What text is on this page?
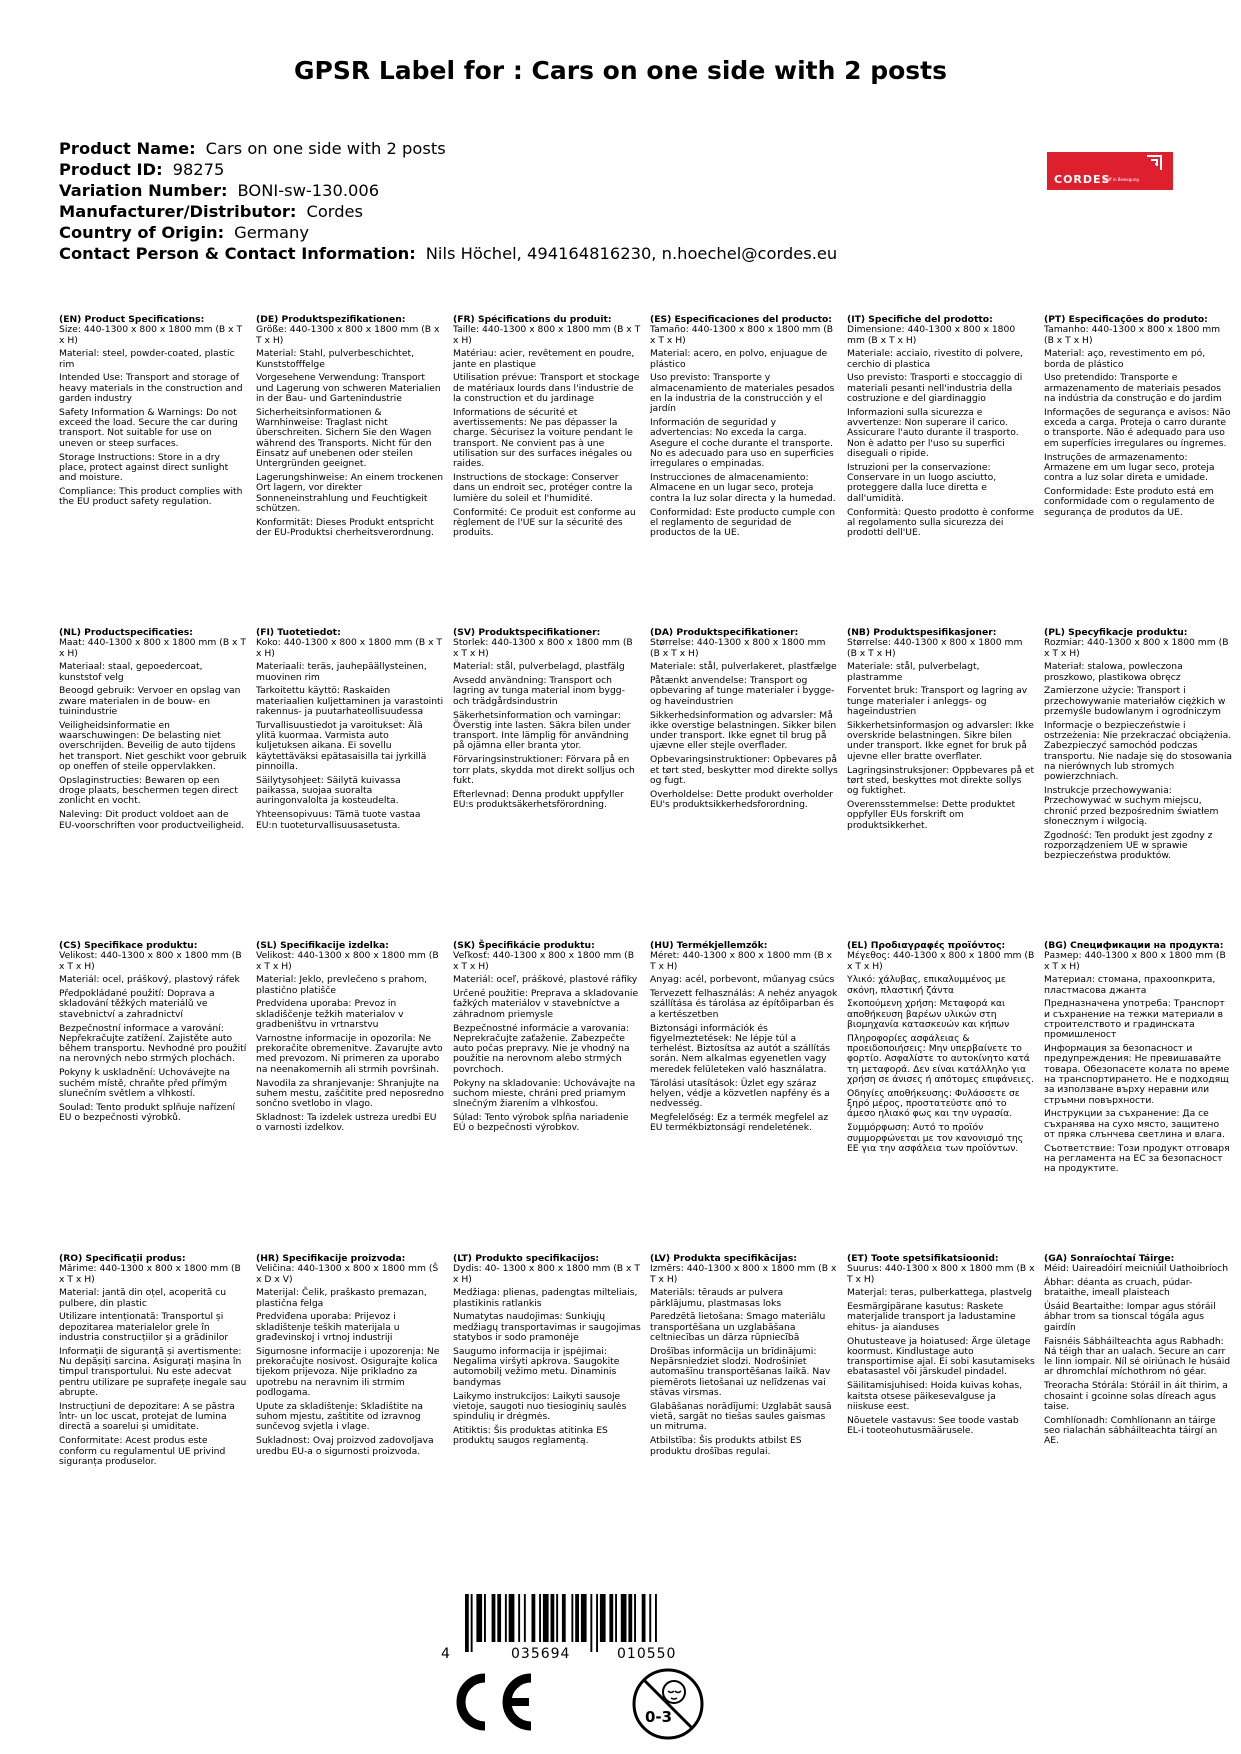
GPSR Label for : Cars on one side with 2 posts
Product Name: Cars on one side with 2 posts
Product ID: 98275
Variation Number: BONI-sw-130.006
Manufacturer/Distributor: Cordes
Country of Origin: Germany
Contact Person & Contact Information: Nils Höchel, 494164816230, n.hoechel@cordes.eu
CORDES
Griff in Bewegung
(EN) Product Specifications:

Size: 440-1300 x 800 x 1800 mm (B x T x H)

Material: steel, powder-coated, plastic rim

Intended Use: Transport and storage of heavy materials in the construction and garden industry

Safety Information & Warnings: Do not exceed the load. Secure the car during transport. Not suitable for use on uneven or steep surfaces.

Storage Instructions: Store in a dry place, protect against direct sunlight and moisture.

Compliance: This product complies with the EU product safety regulation.

(DE) Produktspezifikationen:

Größe: 440-1300 x 800 x 1800 mm (B x T x H)

Material: Stahl, pulverbeschichtet, Kunststofffelge

Vorgesehene Verwendung: Transport und Lagerung von schweren Materialien in der Bau- und Gartenindustrie

Sicherheitsinformationen & Warnhinweise: Traglast nicht überschreiten. Sichern Sie den Wagen während des Transports. Nicht für den Einsatz auf unebenen oder steilen Untergründen geeignet.

Lagerungshinweise: An einem trockenen Ort lagern, vor direkter Sonneneinstrahlung und Feuchtigkeit schützen.

Konformität: Dieses Produkt entspricht der EU-Produktsi cherheitsverordnung.

(FR) Spécifications du produit:

Taille: 440-1300 x 800 x 1800 mm (B x T x H)

Matériau: acier, revêtement en poudre, jante en plastique

Utilisation prévue: Transport et stockage de matériaux lourds dans l'industrie de la construction et du jardinage

Informations de sécurité et avertissements: Ne pas dépasser la charge. Sécurisez la voiture pendant le transport. Ne convient pas à une utilisation sur des surfaces inégales ou raides.

Instructions de stockage: Conserver dans un endroit sec, protéger contre la lumière du soleil et l'humidité.

Conformité: Ce produit est conforme au règlement de l'UE sur la sécurité des produits.

(ES) Especificaciones del producto:

Tamaño: 440-1300 x 800 x 1800 mm (B x T x H)

Material: acero, en polvo, enjuague de plástico

Uso previsto: Transporte y almacenamiento de materiales pesados en la industria de la construcción y el jardín

Información de seguridad y advertencias: No exceda la carga. Asegure el coche durante el transporte. No es adecuado para uso en superficies irregulares o empinadas.

Instrucciones de almacenamiento: Almacene en un lugar seco, proteja contra la luz solar directa y la humedad.

Conformidad: Este producto cumple con el reglamento de seguridad de productos de la UE.

(IT) Specifiche del prodotto:

Dimensione: 440-1300 x 800 x 1800 mm (B x T x H)

Materiale: acciaio, rivestito di polvere, cerchio di plastica

Uso previsto: Trasporti e stoccaggio di materiali pesanti nell'industria della costruzione e del giardinaggio

Informazioni sulla sicurezza e avvertenze: Non superare il carico. Assicurare l'auto durante il trasporto. Non è adatto per l'uso su superfici diseguali o ripide.

Istruzioni per la conservazione: Conservare in un luogo asciutto, proteggere dalla luce diretta e dall'umidità.

Conformità: Questo prodotto è conforme al regolamento sulla sicurezza dei prodotti dell'UE.

(PT) Especificações do produto:

Tamanho: 440-1300 x 800 x 1800 mm (B x T x H)

Material: aço, revestimento em pó, borda de plástico

Uso pretendido: Transporte e armazenamento de materiais pesados na indústria da construção e do jardim

Informações de segurança e avisos: Não exceda a carga. Proteja o carro durante o transporte. Não é adequado para uso em superfícies irregulares ou íngremes.

Instruções de armazenamento: Armazene em um lugar seco, proteja contra a luz solar direta e umidade.

Conformidade: Este produto está em conformidade com o regulamento de segurança de produtos da UE.

(NL) Productspecificaties:

Maat: 440-1300 x 800 x 1800 mm (B x T x H)

Materiaal: staal, gepoedercoat, kunststof velg

Beoogd gebruik: Vervoer en opslag van zware materialen in de bouw- en tuinindustrie

Veiligheidsinformatie en waarschuwingen: De belasting niet overschrijden. Beveilig de auto tijdens het transport. Niet geschikt voor gebruik op oneffen of steile oppervlakken.

Opslaginstructies: Bewaren op een droge plaats, beschermen tegen direct zonlicht en vocht.

Naleving: Dit product voldoet aan de EU-voorschriften voor productveiligheid.

(FI) Tuotetiedot:

Koko: 440-1300 x 800 x 1800 mm (B x T x H)

Materiaali: teräs, jauhepäällysteinen, muovinen rim

Tarkoitettu käyttö: Raskaiden materiaalien kuljettaminen ja varastointi rakennus- ja puutarhateollisuudessa

Turvallisuustiedot ja varoitukset: Älä ylitä kuormaa. Varmista auto kuljetuksen aikana. Ei sovellu käytettäväksi epätasaisilla tai jyrkillä pinnoilla.

Säilytysohjeet: Säilytä kuivassa paikassa, suojaa suoralta auringonvalolta ja kosteudelta.

Yhteensopivuus: Tämä tuote vastaa EU:n tuoteturvallisuusasetusta.

(SV) Produktspecifikationer:

Storlek: 440-1300 x 800 x 1800 mm (B x T x H)

Material: stål, pulverbelagd, plastfälg

Avsedd användning: Transport och lagring av tunga material inom bygg- och trädgårdsindustrin

Säkerhetsinformation och varningar: Överstig inte lasten. Säkra bilen under transport. Inte lämplig för användning på ojämna eller branta ytor.

Förvaringsinstruktioner: Förvara på en torr plats, skydda mot direkt solljus och fukt.

Efterlevnad: Denna produkt uppfyller EU:s produktsäkerhetsförordning.

(DA) Produktspecifikationer:

Størrelse: 440-1300 x 800 x 1800 mm (B x T x H)

Materiale: stål, pulverlakeret, plastfælge

Påtænkt anvendelse: Transport og opbevaring af tunge materialer i bygge- og haveindustrien

Sikkerhedsinformation og advarsler: Må ikke overstige belastningen. Sikker bilen under transport. Ikke egnet til brug på ujævne eller stejle overflader.

Opbevaringsinstruktioner: Opbevares på et tørt sted, beskytter mod direkte sollys og fugt.

Overholdelse: Dette produkt overholder EU's produktsikkerhedsforordning.

(NB) Produktspesifikasjoner:

Størrelse: 440-1300 x 800 x 1800 mm (B x T x H)

Materiale: stål, pulverbelagt, plastramme

Forventet bruk: Transport og lagring av tunge materialer i anleggs- og hageindustrien

Sikkerhetsinformasjon og advarsler: Ikke overskride belastningen. Sikre bilen under transport. Ikke egnet for bruk på ujevne eller bratte overflater.

Lagringsinstruksjoner: Oppbevares på et tørt sted, beskyttes mot direkte sollys og fuktighet.

Overensstemmelse: Dette produktet oppfyller EUs forskrift om produktsikkerhet.

(PL) Specyfikacje produktu:

Rozmiar: 440-1300 x 800 x 1800 mm (B x T x H)

Materiał: stalowa, powleczona proszkowo, plastikowa obręcz

Zamierzone użycie: Transport i przechowywanie materiałów ciężkich w przemyśle budowlanym i ogrodniczym

Informacje o bezpieczeństwie i ostrzeżenia: Nie przekraczać obciążenia. Zabezpieczyć samochód podczas transportu. Nie nadaje się do stosowania na nierównych lub stromych powierzchniach.

Instrukcje przechowywania: Przechowywać w suchym miejscu, chronić przed bezpośrednim światłem słonecznym i wilgocią.

Zgodność: Ten produkt jest zgodny z rozporządzeniem UE w sprawie bezpieczeństwa produktów.

(CS) Specifikace produktu:

Velikost: 440-1300 x 800 x 1800 mm (B x T x H)

Materiál: ocel, práškový, plastový ráfek

Předpokládané použití: Doprava a skladování těžkých materiálů ve stavebnictví a zahradnictví

Bezpečnostní informace a varování: Nepřekračujte zatížení. Zajistěte auto během transportu. Nevhodné pro použití na nerovných nebo strmých plochách.

Pokyny k uskladnění: Uchovávejte na suchém místě, chraňte před přímým slunečním světlem a vlhkostí.

Soulad: Tento produkt splňuje nařízení EU o bezpečnosti výrobků.

(SL) Specifikacije izdelka:

Velikost: 440-1300 x 800 x 1800 mm (B x T x H)

Material: Jeklo, prevlečeno s prahom, plastično platišče

Predvidena uporaba: Prevoz in skladiščenje težkih materialov v gradbeništvu in vrtnarstvu

Varnostne informacije in opozorila: Ne prekoračite obremenitve. Zavarujte avto med prevozom. Ni primeren za uporabo na neenakomernih ali strmih površinah.

Navodila za shranjevanje: Shranjujte na suhem mestu, zaščitite pred neposredno sončno svetlobo in vlago.

Skladnost: Ta izdelek ustreza uredbi EU o varnosti izdelkov.

(SK) Špecifikácie produktu:

Veľkosť: 440-1300 x 800 x 1800 mm (B x T x H)

Materiál: oceľ, práškové, plastové ráfiky

Určené použitie: Preprava a skladovanie ťažkých materiálov v stavebníctve a záhradnom priemysle

Bezpečnostné informácie a varovania: Neprekračujte zaťaženie. Zabezpečte auto počas prepravy. Nie je vhodný na použitie na nerovnom alebo strmých povrchoch.

Pokyny na skladovanie: Uchovávajte na suchom mieste, chráni pred priamym slnečným žiarením a vlhkosťou.

Súlad: Tento výrobok spĺňa nariadenie EÚ o bezpečnosti výrobkov.

(HU) Termékjellemzők:

Méret: 440-1300 x 800 x 1800 mm (B x T x H)

Anyag: acél, porbevont, műanyag csúcs

Tervezett felhasználás: A nehéz anyagok szállítása és tárolása az építőiparban és a kertészetben

Biztonsági információk és figyelmeztetések: Ne lépje túl a terhelést. Biztosítsa az autót a szállítás során. Nem alkalmas egyenetlen vagy meredek felületeken való használatra.

Tárolási utasítások: Üzlet egy száraz helyen, védje a közvetlen napfény és a nedvesség.

Megfelelőség: Ez a termék megfelel az EU termékbiztonsági rendeletének.

(EL) Προδιαγραφές προϊόντος:

Μέγεθος: 440-1300 x 800 x 1800 mm (B x T x H)

Υλικό: χάλυβας, επικαλυμμένος με σκόνη, πλαστική ζάντα

Σκοπούμενη χρήση: Μεταφορά και αποθήκευση βαρέων υλικών στη βιομηχανία κατασκευών και κήπων

Πληροφορίες ασφάλειας & προειδοποιήσεις: Μην υπερβαίνετε το φορτίο. Ασφαλίστε το αυτοκίνητο κατά τη μεταφορά. Δεν είναι κατάλληλο για χρήση σε άνισες ή απότομες επιφάνειες.

Οδηγίες αποθήκευσης: Φυλάσσετε σε ξηρό μέρος, προστατεύστε από το άμεσο ηλιακό φως και την υγρασία.

Συμμόρφωση: Αυτό το προϊόν συμμορφώνεται με τον κανονισμό της ΕΕ για την ασφάλεια των προϊόντων.

(BG) Спецификации на продукта:

Размер: 440-1300 x 800 x 1800 mm (B x T x H)

Материал: стомана, прахоопкрита, пластмасова джанта

Предназначена употреба: Транспорт и съхранение на тежки материали в строителството и градинската промишленост

Информация за безопасност и предупреждения: Не превишавайте товара. Обезопасете колата по време на транспортирането. Не е подходящ за използване върху неравни или стръмни повърхности.

Инструкции за съхранение: Да се съхранява на сухо място, защитено от пряка слънчева светлина и влага.

Съответствие: Този продукт отговаря на регламента на ЕС за безопасност на продуктите.

(RO) Specificații produs:

Mărime: 440-1300 x 800 x 1800 mm (B x T x H)

Material: jantă din oțel, acoperită cu pulbere, din plastic

Utilizare intenționată: Transportul și depozitarea materialelor grele în industria construcțiilor și a grădinilor

Informații de siguranță și avertismente: Nu depășiți sarcina. Asigurați mașina în timpul transportului. Nu este adecvat pentru utilizare pe suprafețe inegale sau abrupte.

Instrucțiuni de depozitare: A se păstra într- un loc uscat, protejat de lumina directă a soarelui și umiditate.

Conformitate: Acest produs este conform cu regulamentul UE privind siguranța produselor.

(HR) Specifikacije proizvoda:

Veličina: 440-1300 x 800 x 1800 mm (Š x D x V)

Materijal: Čelik, praškasto premazan, plastična felga

Predviđena uporaba: Prijevoz i skladištenje teških materijala u građevinskoj i vrtnoj industriji

Sigurnosne informacije i upozorenja: Ne prekoračujte nosivost. Osigurajte kolica tijekom prijevoza. Nije prikladno za upotrebu na neravnim ili strmim podlogama.

Upute za skladištenje: Skladištite na suhom mjestu, zaštitite od izravnog sunčevog svjetla i vlage.

Sukladnost: Ovaj proizvod zadovoljava uredbu EU-a o sigurnosti proizvoda.

(LT) Produkto specifikacijos:

Dydis: 40- 1300 x 800 x 1800 mm (B x T x H)

Medžiaga: plienas, padengtas milteliais, plastikinis ratlankis

Numatytas naudojimas: Sunkiųjų medžiagų transportavimas ir saugojimas statybos ir sodo pramonėje

Saugumo informacija ir įspėjimai: Negalima viršyti apkrova. Saugokite automobilį vežimo metu. Dinaminis bandymas

Laikymo instrukcijos: Laikyti sausoje vietoje, saugoti nuo tiesioginių saulės spindulių ir drėgmės.

Atitiktis: Šis produktas atitinka ES produktų saugos reglamentą.

(LV) Produkta specifikācijas:

Izmērs: 440-1300 x 800 x 1800 mm (B x T x H)

Materiāls: tērauds ar pulvera pārklājumu, plastmasas loks

Paredzētā lietošana: Smago materiālu transportēšana un uzglabāšana celtniecības un dārza rūpniecībā

Drošības informācija un brīdinājumi: Nepārsniedziet slodzi. Nodrošiniet automašīnu transportēšanas laikā. Nav piemērots lietošanai uz nelīdzenas vai stāvas virsmas.

Glabāšanas norādījumi: Uzglabāt sausā vietā, sargāt no tiešas saules gaismas un mitruma.

Atbilstība: Šis produkts atbilst ES produktu drošības regulai.

(ET) Toote spetsifikatsioonid:

Suurus: 440-1300 x 800 x 1800 mm (B x T x H)

Materjal: teras, pulberkattega, plastvelg

Eesmärgipärane kasutus: Raskete materjalide transport ja ladustamine ehitus- ja aianduses

Ohutusteave ja hoiatused: Ärge ületage koormust. Kindlustage auto transportimise ajal. Ei sobi kasutamiseks ebatasastel või järskudel pindadel.

Säilitamisjuhised: Hoida kuivas kohas, kaitsta otsese päikesevalguse ja niiskuse eest.

Nõuetele vastavus: See toode vastab EL-i tooteohutusmäärusele.

(GA) Sonraíochtaí Táirge:

Méid: Uaireadóirí meicniúil Uathoibríoch

Ábhar: déanta as cruach, púdar-brataithe, imeall plaisteach

Úsáid Beartaithe: Iompar agus stóráil ábhar trom sa tionscal tógála agus gairdín

Faisnéis Sábháilteachta agus Rabhadh: Ná téigh thar an ualach. Secure an carr le linn iompair. Níl sé oiriúnach le húsáid ar dhromchlaí míchothrom nó géar.

Treoracha Stórála: Stóráil in áit thirim, a chosaint i gcoinne solas díreach agus taise.

Comhlíonadh: Comhlíonann an táirge seo rialachán sábháilteachta táirgí an AE.

4	035694	010550
0-3
